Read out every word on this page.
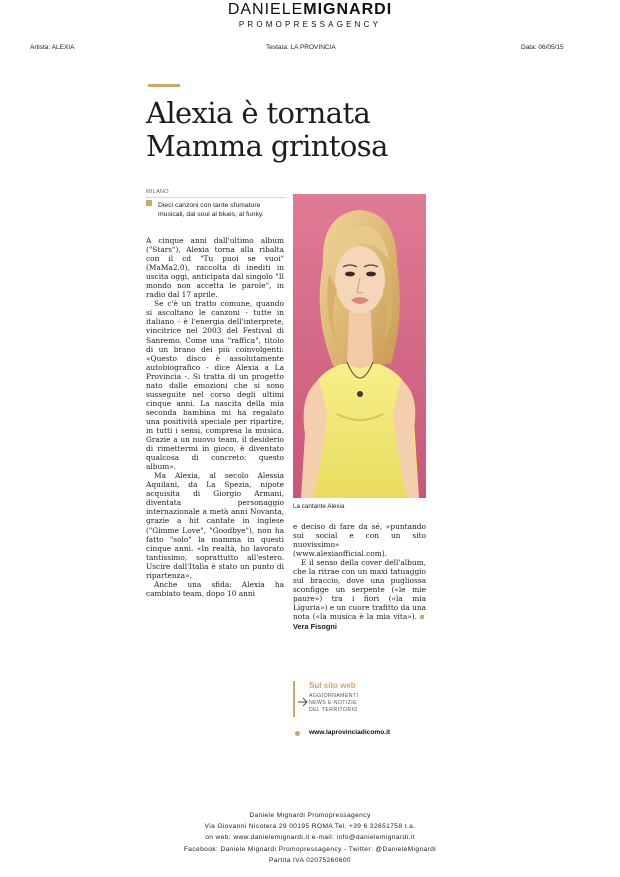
DANIELEMIGNARDI
PROMOPRESSAGENCY
Artista: ALEXIA	Testata: LA PROVINCIA	Data: 06/05/15
Alexia è tornata
Mamma grintosa
MILANO
Dieci canzoni con tante sfumature musicali, dal soul al blues, al funky.

A cinque anni dall'ultimo album ("Stars"), Alexia torna alla ribalta con il cd "Tu puoi se vuoi" (MaMa2.0), raccolta di inediti in uscita oggi, anticipata dal singolo "Il mondo non accetta le parole", in radio dal 17 aprile.

Se c'è un tratto comune, quando si ascoltano le canzoni - tutte in italiano - è l'energia dell'interprete, vincitrice nel 2003 del Festival di Sanremo. Come una "raffica", titolo di un brano dei più coinvolgenti: «Questo disco è assolutamente autobiografico - dice Alexia a La Provincia -. Si tratta di un progetto nato dalle emozioni che si sono susseguite nel corso degli ultimi cinque anni. La nascita della mia seconda bambina mi ha regalato una positività speciale per ripartire, in tutti i sensi, compresa la musica. Grazie a un nuovo team, il desiderio di rimettermi in gioco, è diventato qualcosa di concreto: questo album».

Ma Alexia, al secolo Alessia Aquilani, da La Spezia, nipote acquisita di Giorgio Armani, diventata personaggio internazionale a metà anni Novanta, grazie a hit cantate in inglese ("Gimme Love", "Goodbye"), non ha fatto "solo" la mamma in questi cinque anni. «In realtà, ho lavorato tantissimo, soprattutto all'estero. Uscire dall'Italia è stato un punto di ripartenza».

Anche una sfida: Alexia ha cambiato team, dopo 10 anni

La cantante Alexia

e deciso di fare da sé, «puntando sui social e con un sito nuovissimo» (www.alexiaofficial.com).

E il senso della cover dell'album, che la ritrae con un maxi tatuaggio sul braccio, dove una pugliossa sconfigge un serpente («le mie paure») tra i fiori («la mia Liguria») e un cuore trafitto da una nota («la musica è la mia vita»).Vera Fisogni

Sul sito web
AGGIORNAMENTI
NEWS E NOTIZIE
DEL TERRITORIO
www.laprovinciadicomo.it
Daniele Mignardi Promopressagency
Via Giovanni Nicotera 29 00195 ROMA Tel. +39 6 32651758 r.a.
on web: www.danielemignardi.it e-mail: info@danielemignardi.it
Facebook: Daniele Mignardi Promopressagency - Twitter: @DanieleMignardi
Partita IVA 02075260600
